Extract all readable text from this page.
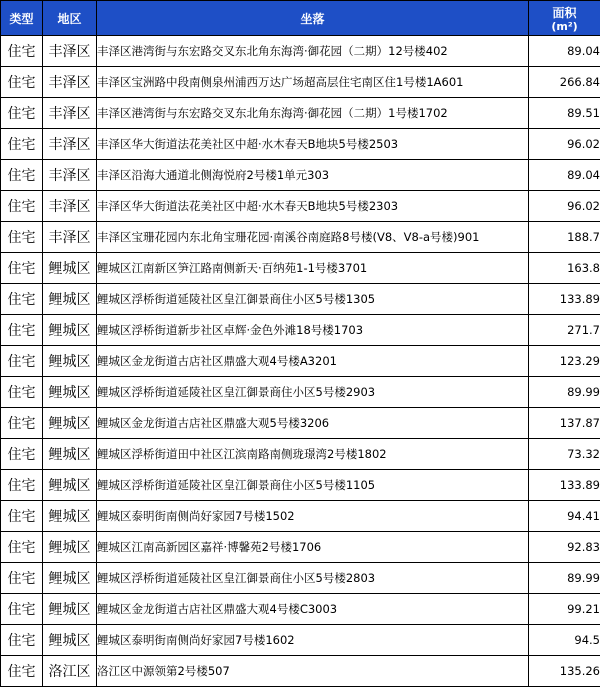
类型	地区	坐落	面积
(m²)

住宅	丰泽区	丰泽区港湾街与东宏路交叉东北角东海湾·御花园（二期）12号楼402	89.04
住宅	丰泽区	丰泽区宝洲路中段南侧泉州浦西万达广场超高层住宅南区住1号楼1A601	266.84
住宅	丰泽区	丰泽区港湾街与东宏路交叉东北角东海湾·御花园（二期）1号楼1702	89.51
住宅	丰泽区	丰泽区华大街道法花美社区中超·水木春天B地块5号楼2503	96.02
住宅	丰泽区	丰泽区沿海大通道北侧海悦府2号楼1单元303	89.04
住宅	丰泽区	丰泽区华大街道法花美社区中超·水木春天B地块5号楼2303	96.02
住宅	丰泽区	丰泽区宝珊花园内东北角宝珊花园·南溪谷南庭路8号楼(V8、V8-a号楼)901	188.7
住宅	鲤城区	鲤城区江南新区笋江路南侧新天·百纳苑1-1号楼3701	163.8
住宅	鲤城区	鲤城区浮桥街道延陵社区皇江御景商住小区5号楼1305	133.89
住宅	鲤城区	鲤城区浮桥街道新步社区卓辉·金色外滩18号楼1703	271.7
住宅	鲤城区	鲤城区金龙街道古店社区鼎盛大观4号楼A3201	123.29
住宅	鲤城区	鲤城区浮桥街道延陵社区皇江御景商住小区5号楼2903	89.99
住宅	鲤城区	鲤城区金龙街道古店社区鼎盛大观5号楼3206	137.87
住宅	鲤城区	鲤城区浮桥街道田中社区江滨南路南侧珑璟湾2号楼1802	73.32
住宅	鲤城区	鲤城区浮桥街道延陵社区皇江御景商住小区5号楼1105	133.89
住宅	鲤城区	鲤城区泰明街南侧尚好家园7号楼1502	94.41
住宅	鲤城区	鲤城区江南高新园区嘉祥·博馨苑2号楼1706	92.83
住宅	鲤城区	鲤城区浮桥街道延陵社区皇江御景商住小区5号楼2803	89.99
住宅	鲤城区	鲤城区金龙街道古店社区鼎盛大观4号楼C3003	99.21
住宅	鲤城区	鲤城区泰明街南侧尚好家园7号楼1602	94.5
住宅	洛江区	洛江区中源领第2号楼507	135.26
